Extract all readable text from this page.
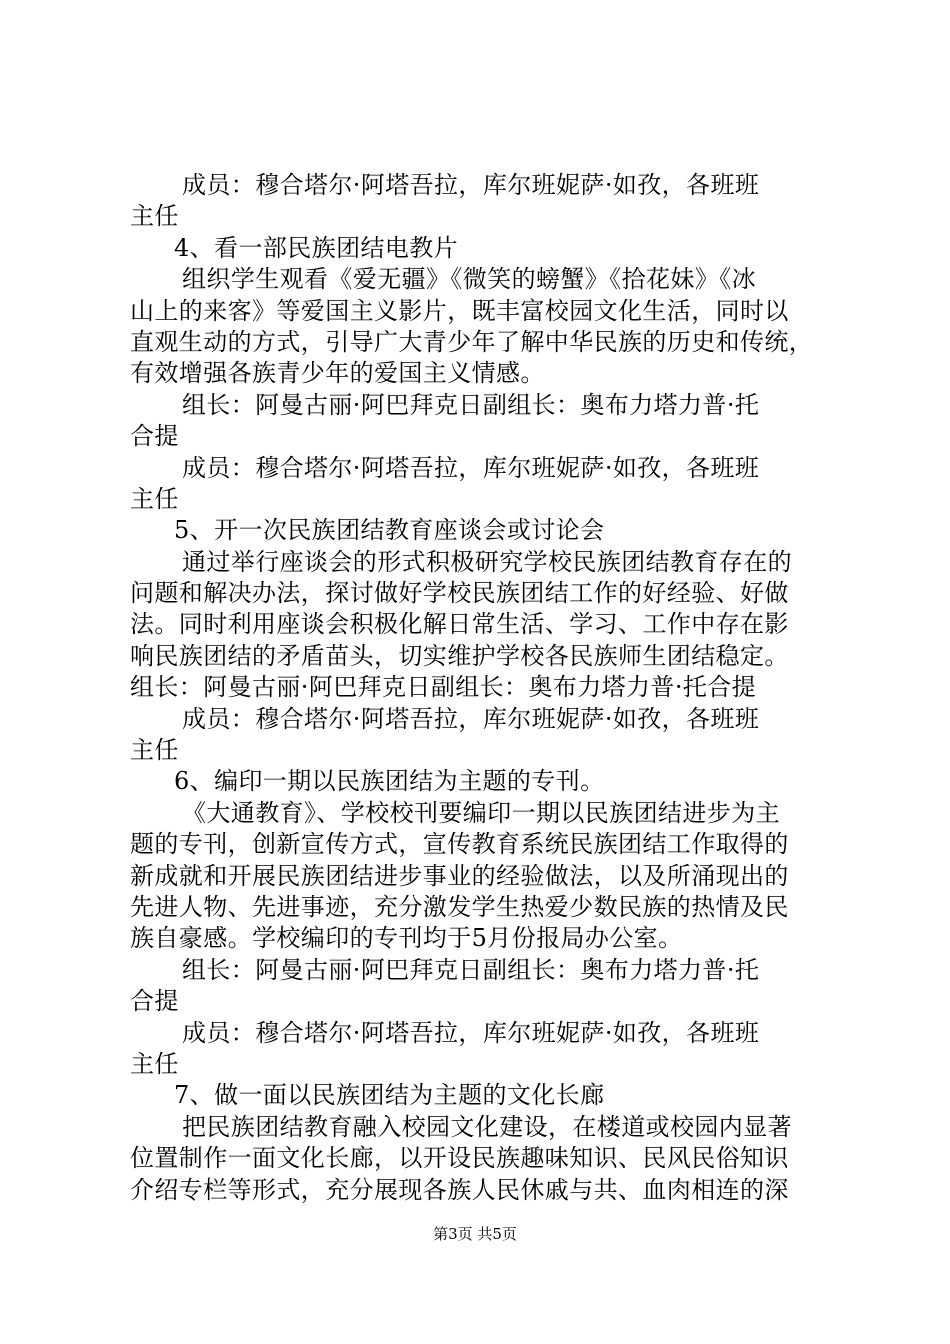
成员：穆合塔尔·阿塔吾拉，库尔班妮萨·如孜，各班班
主任
4、看一部民族团结电教片
组织学生观看《爱无疆》《微笑的螃蟹》《拾花妹》《冰
山上的来客》等爱国主义影片，既丰富校园文化生活，同时以
直观生动的方式，引导广大青少年了解中华民族的历史和传统，
有效增强各族青少年的爱国主义情感。
组长：阿曼古丽·阿巴拜克日副组长：奥布力塔力普·托
合提
成员：穆合塔尔·阿塔吾拉，库尔班妮萨·如孜，各班班
主任
5、开一次民族团结教育座谈会或讨论会
通过举行座谈会的形式积极研究学校民族团结教育存在的
问题和解决办法，探讨做好学校民族团结工作的好经验、好做
法。同时利用座谈会积极化解日常生活、学习、工作中存在影
响民族团结的矛盾苗头，切实维护学校各民族师生团结稳定。
组长：阿曼古丽·阿巴拜克日副组长：奥布力塔力普·托合提
成员：穆合塔尔·阿塔吾拉，库尔班妮萨·如孜，各班班
主任
6、编印一期以民族团结为主题的专刊。
《大通教育》、学校校刊要编印一期以民族团结进步为主
题的专刊，创新宣传方式，宣传教育系统民族团结工作取得的
新成就和开展民族团结进步事业的经验做法，以及所涌现出的
先进人物、先进事迹，充分激发学生热爱少数民族的热情及民
族自豪感。学校编印的专刊均于5月份报局办公室。
组长：阿曼古丽·阿巴拜克日副组长：奥布力塔力普·托
合提
成员：穆合塔尔·阿塔吾拉，库尔班妮萨·如孜，各班班
主任
7、做一面以民族团结为主题的文化长廊
把民族团结教育融入校园文化建设，在楼道或校园内显著
位置制作一面文化长廊，以开设民族趣味知识、民风民俗知识
介绍专栏等形式，充分展现各族人民休戚与共、血肉相连的深
第3页 共5页
